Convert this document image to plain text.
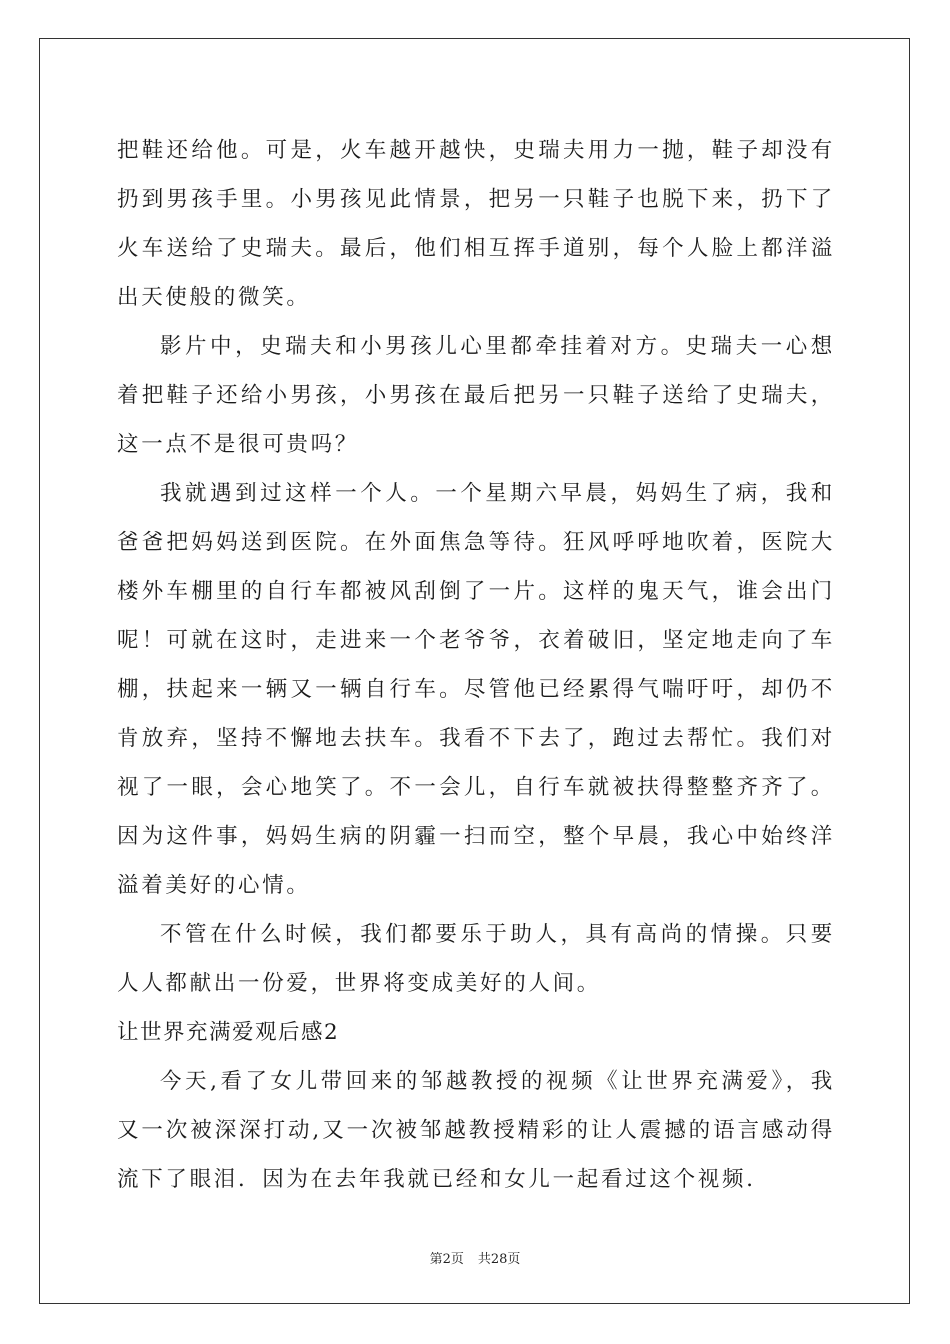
把鞋还给他。可是，火车越开越快，史瑞夫用力一抛，鞋子却没有扔到男孩手里。小男孩见此情景，把另一只鞋子也脱下来，扔下了火车送给了史瑞夫。最后，他们相互挥手道别，每个人脸上都洋溢出天使般的微笑。

影片中，史瑞夫和小男孩儿心里都牵挂着对方。史瑞夫一心想着把鞋子还给小男孩，小男孩在最后把另一只鞋子送给了史瑞夫，这一点不是很可贵吗？

我就遇到过这样一个人。一个星期六早晨，妈妈生了病，我和爸爸把妈妈送到医院。在外面焦急等待。狂风呼呼地吹着，医院大楼外车棚里的自行车都被风刮倒了一片。这样的鬼天气，谁会出门呢！可就在这时，走进来一个老爷爷，衣着破旧，坚定地走向了车棚，扶起来一辆又一辆自行车。尽管他已经累得气喘吁吁，却仍不肯放弃，坚持不懈地去扶车。我看不下去了，跑过去帮忙。我们对视了一眼，会心地笑了。不一会儿，自行车就被扶得整整齐齐了。因为这件事，妈妈生病的阴霾一扫而空，整个早晨，我心中始终洋溢着美好的心情。

不管在什么时候，我们都要乐于助人，具有高尚的情操。只要人人都献出一份爱，世界将变成美好的人间。

让世界充满爱观后感2

今天,看了女儿带回来的邹越教授的视频《让世界充满爱》，我又一次被深深打动,又一次被邹越教授精彩的让人震撼的语言感动得流下了眼泪．因为在去年我就已经和女儿一起看过这个视频．

第2页 共28页
